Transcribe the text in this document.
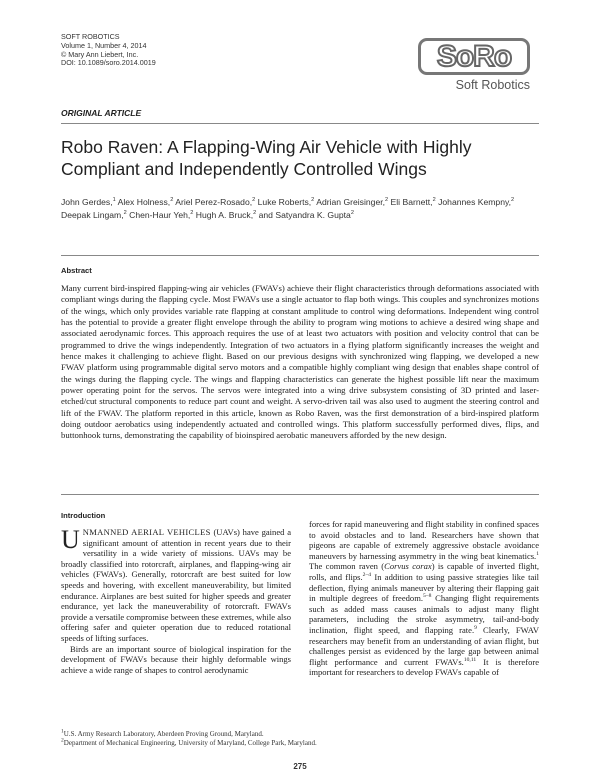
SOFT ROBOTICS
Volume 1, Number 4, 2014
© Mary Ann Liebert, Inc.
DOI: 10.1089/soro.2014.0019	SoRo
Soft Robotics
ORIGINAL ARTICLE
Robo Raven: A Flapping-Wing Air Vehicle with Highly Compliant and Independently Controlled Wings
John Gerdes,$^1$ Alex Holness,$^2$ Ariel Perez-Rosado,$^2$ Luke Roberts,$^2$ Adrian Greisinger,$^2$ Eli Barnett,$^2$ Johannes Kempny,$^2$ Deepak Lingam,$^2$ Chen-Haur Yeh,$^2$ Hugh A. Bruck,$^2$ and Satyandra K. Gupta$^2$
Abstract
Many current bird-inspired flapping-wing air vehicles (FWAVs) achieve their flight characteristics through deformations associated with compliant wings during the flapping cycle. Most FWAVs use a single actuator to flap both wings. This couples and synchronizes motions of the wings, which only provides variable rate flapping at constant amplitude to control wing deformations. Independent wing control has the potential to provide a greater flight envelope through the ability to program wing motions to achieve a desired wing shape and associated aerodynamic forces. This approach requires the use of at least two actuators with position and velocity control that can be programmed to drive the wings independently. Integration of two actuators in a flying platform significantly increases the weight and hence makes it challenging to achieve flight. Based on our previous designs with synchronized wing flapping, we developed a new FWAV platform using programmable digital servo motors and a compatible highly compliant wing design that enables shape control of the wings during the flapping cycle. The wings and flapping characteristics can generate the highest possible lift near the maximum power operating point for the servos. The servos were integrated into a wing drive subsystem consisting of 3D printed and laser-etched/cut structural components to reduce part count and weight. A servo-driven tail was also used to augment the steering control and lift of the FWAV. The platform reported in this article, known as Robo Raven, was the first demonstration of a bird-inspired platform doing outdoor aerobatics using independently actuated and controlled wings. This platform successfully performed dives, flips, and buttonhook turns, demonstrating the capability of bioinspired aerobatic maneuvers afforded by the new design.
Introduction

UNMANNED AERIAL VEHICLES (UAVs) have gained a significant amount of attention in recent years due to their versatility in a wide variety of missions. UAVs may be broadly classified into rotorcraft, airplanes, and flapping-wing air vehicles (FWAVs). Generally, rotorcraft are best suited for low speeds and hovering, with excellent maneuverability, but limited endurance. Airplanes are best suited for higher speeds and greater endurance, yet lack the maneuverability of rotorcraft. FWAVs provide a versatile compromise between these extremes, while also offering safer and quieter operation due to reduced rotational speeds of lifting surfaces.

Birds are an important source of biological inspiration for the development of FWAVs because their highly deformable wings achieve a wide range of shapes to control aerodynamic

forces for rapid maneuvering and flight stability in confined spaces to avoid obstacles and to land. Researchers have shown that pigeons are capable of extremely aggressive obstacle avoidance maneuvers by harnessing asymmetry in the wing beat kinematics.$^1$ The common raven (Corvus corax) is capable of inverted flight, rolls, and flips.$^{2-4}$ In addition to using passive strategies like tail deflection, flying animals maneuver by altering their flapping gait in multiple degrees of freedom.$^{5-8}$ Changing flight requirements such as added mass causes animals to adjust many flight parameters, including the stroke asymmetry, tail-and-body inclination, flight speed, and flapping rate.$^9$ Clearly, FWAV researchers may benefit from an understanding of avian flight, but challenges persist as evidenced by the large gap between animal flight performance and current FWAVs.$^{10,11}$ It is therefore important for researchers to develop FWAVs capable of

$^1$U.S. Army Research Laboratory, Aberdeen Proving Ground, Maryland.
$^2$Department of Mechanical Engineering, University of Maryland, College Park, Maryland.
275
